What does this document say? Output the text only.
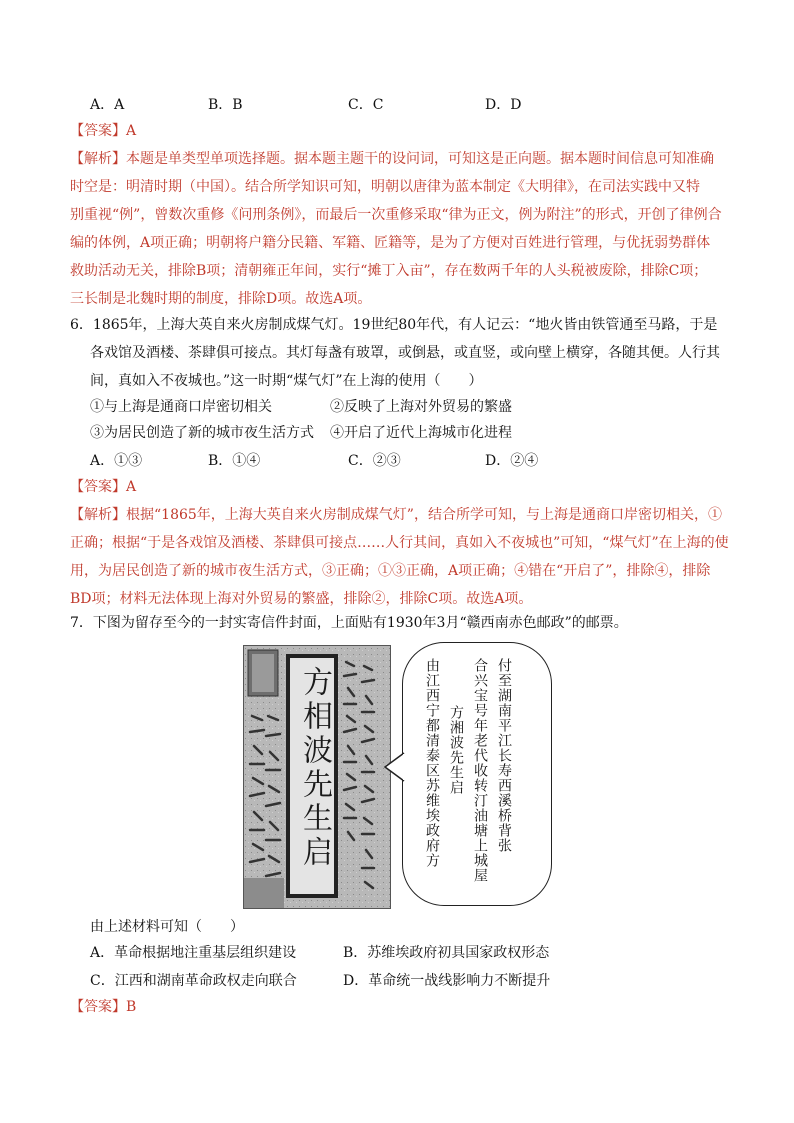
A．A	B．B	C．C	D．D
【答案】A
【解析】本题是单类型单项选择题。据本题主题干的设问词，可知这是正向题。据本题时间信息可知准确
时空是：明清时期（中国）。结合所学知识可知，明朝以唐律为蓝本制定《大明律》，在司法实践中又特
别重视“例”，曾数次重修《问刑条例》，而最后一次重修采取“律为正文，例为附注”的形式，开创了律例合
编的体例，A项正确；明朝将户籍分民籍、军籍、匠籍等，是为了方便对百姓进行管理，与优抚弱势群体
救助活动无关，排除B项；清朝雍正年间，实行“摊丁入亩”，存在数两千年的人头税被废除，排除C项；
三长制是北魏时期的制度，排除D项。故选A项。
6．1865年，上海大英自来火房制成煤气灯。19世纪80年代，有人记云：“地火皆由铁管通至马路，于是
各戏馆及酒楼、茶肆俱可接点。其灯每盏有玻罩，或倒悬，或直竖，或向壁上横穿，各随其便。人行其
间，真如入不夜城也。”这一时期“煤气灯”在上海的使用（　　）
①与上海是通商口岸密切相关	②反映了上海对外贸易的繁盛
③为居民创造了新的城市夜生活方式 ④开启了近代上海城市化进程
A．①③	B．①④	C．②③	D．②④
【答案】A
【解析】根据“1865年，上海大英自来火房制成煤气灯”，结合所学可知，与上海是通商口岸密切相关，①
正确；根据“于是各戏馆及酒楼、茶肆俱可接点……人行其间，真如入不夜城也”可知，“煤气灯”在上海的使
用，为居民创造了新的城市夜生活方式，③正确；①③正确，A项正确；④错在“开启了”，排除④，排除
BD项；材料无法体现上海对外贸易的繁盛，排除②，排除C项。故选A项。
7．下图为留存至今的一封实寄信件封面，上面贴有1930年3月“赣西南赤色邮政”的邮票。
方相波先生启	付至湖南平江长寿西溪桥背张
合兴宝号年老代收转汀油塘上城屋
方湘波先生启
由江西宁都清泰区苏维埃政府方
由上述材料可知（　　）
A．革命根据地注重基层组织建设	B．苏维埃政府初具国家政权形态
C．江西和湖南革命政权走向联合	D．革命统一战线影响力不断提升
【答案】B
